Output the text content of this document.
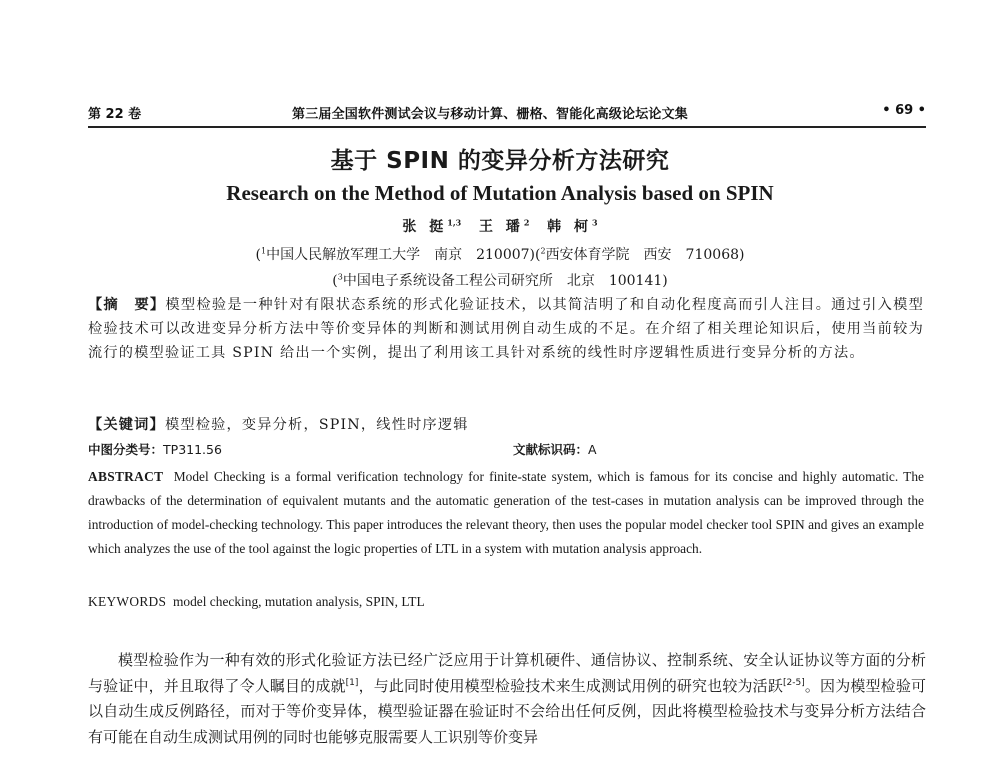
第 22 卷	第三届全国软件测试会议与移动计算、栅格、智能化高级论坛论文集	• 69 •
基于 SPIN 的变异分析方法研究
Research on the Method of Mutation Analysis based on SPIN
张 挺$^{1,3}$ 王 璠$^2$ 韩 柯$^3$
($^1$中国人民解放军理工大学　南京　210007)($^2$西安体育学院　西安　710068)
($^3$中国电子系统设备工程公司研究所　北京　100141)
【摘　要】模型检验是一种针对有限状态系统的形式化验证技术，以其简洁明了和自动化程度高而引人注目。通过引入模型检验技术可以改进变异分析方法中等价变异体的判断和测试用例自动生成的不足。在介绍了相关理论知识后，使用当前较为流行的模型验证工具 SPIN 给出一个实例，提出了利用该工具针对系统的线性时序逻辑性质进行变异分析的方法。
【关键词】模型检验，变异分析，SPIN，线性时序逻辑
中图分类号：TP311.56	文献标识码：A
ABSTRACT Model Checking is a formal verification technology for finite-state system, which is famous for its concise and highly automatic. The drawbacks of the determination of equivalent mutants and the automatic generation of the test-cases in mutation analysis can be improved through the introduction of model-checking technology. This paper introduces the relevant theory, then uses the popular model checker tool SPIN and gives an example which analyzes the use of the tool against the logic properties of LTL in a system with mutation analysis approach.
KEYWORDS model checking, mutation analysis, SPIN, LTL

模型检验作为一种有效的形式化验证方法已经广泛应用于计算机硬件、通信协议、控制系统、安全认证协议等方面的分析与验证中，并且取得了令人瞩目的成就[1]，与此同时使用模型检验技术来生成测试用例的研究也较为活跃[2-5]。因为模型检验可以自动生成反例路径，而对于等价变异体，模型验证器在验证时不会给出任何反例，因此将模型检验技术与变异分析方法结合有可能在自动生成测试用例的同时也能够克服需要人工识别等价变异
